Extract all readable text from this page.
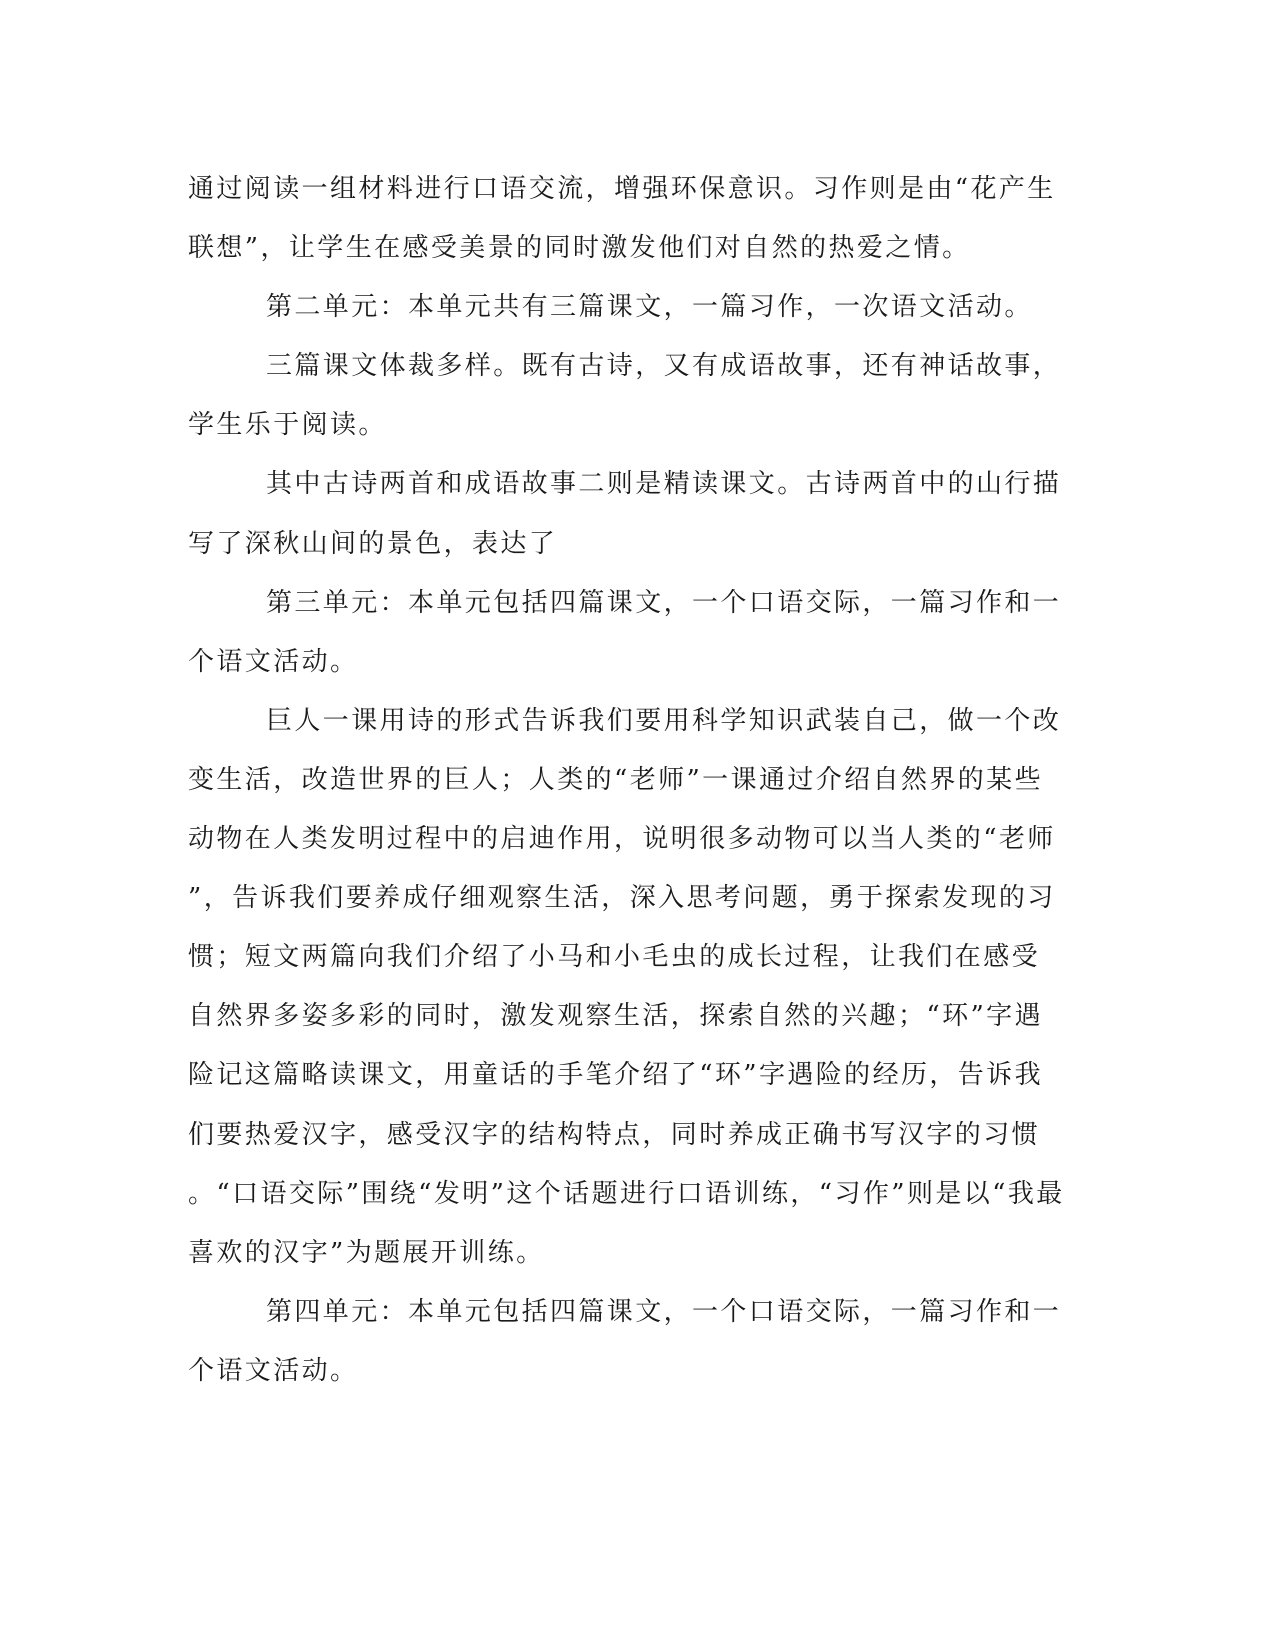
通过阅读一组材料进行口语交流，增强环保意识。习作则是由“花产生
联想”，让学生在感受美景的同时激发他们对自然的热爱之情。
第二单元：本单元共有三篇课文，一篇习作，一次语文活动。
三篇课文体裁多样。既有古诗，又有成语故事，还有神话故事，
学生乐于阅读。
其中古诗两首和成语故事二则是精读课文。古诗两首中的山行描
写了深秋山间的景色，表达了
第三单元：本单元包括四篇课文，一个口语交际，一篇习作和一
个语文活动。
巨人一课用诗的形式告诉我们要用科学知识武装自己，做一个改
变生活，改造世界的巨人；人类的“老师”一课通过介绍自然界的某些
动物在人类发明过程中的启迪作用，说明很多动物可以当人类的“老师
”，告诉我们要养成仔细观察生活，深入思考问题，勇于探索发现的习
惯；短文两篇向我们介绍了小马和小毛虫的成长过程，让我们在感受
自然界多姿多彩的同时，激发观察生活，探索自然的兴趣；“环”字遇
险记这篇略读课文，用童话的手笔介绍了“环”字遇险的经历，告诉我
们要热爱汉字，感受汉字的结构特点，同时养成正确书写汉字的习惯
。“口语交际”围绕“发明”这个话题进行口语训练，“习作”则是以“我最
喜欢的汉字”为题展开训练。
第四单元：本单元包括四篇课文，一个口语交际，一篇习作和一
个语文活动。
